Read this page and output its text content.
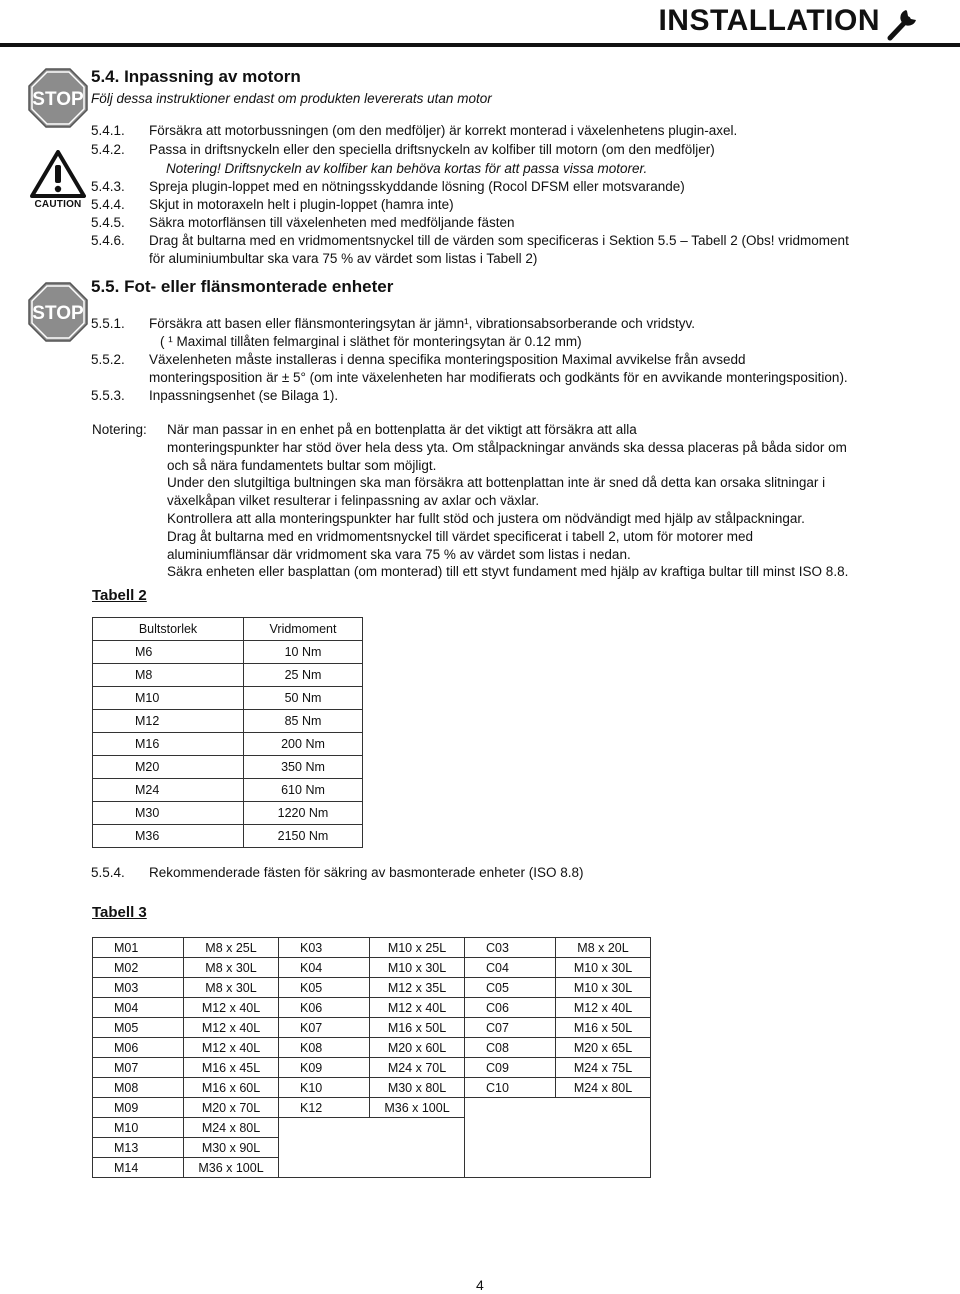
INSTALLATION
STOP
CAUTION
STOP
5.4. Inpassning av motorn
Följ dessa instruktioner endast om produkten levererats utan motor
5.4.1. Försäkra att motorbussningen (om den medföljer) är korrekt monterad i växelenhetens plugin-axel.
5.4.2. Passa in driftsnyckeln eller den speciella driftsnyckeln av kolfiber till motorn (om den medföljer)
Notering! Driftsnyckeln av kolfiber kan behöva kortas för att passa vissa motorer.
5.4.3. Spreja plugin-loppet med en nötningsskyddande lösning (Rocol DFSM eller motsvarande)
5.4.4. Skjut in motoraxeln helt i plugin-loppet (hamra inte)
5.4.5. Säkra motorflänsen till växelenheten med medföljande fästen
5.4.6. Drag åt bultarna med en vridmomentsnyckel till de värden som specificeras i Sektion 5.5 – Tabell 2 (Obs! vridmoment
för aluminiumbultar ska vara 75 % av värdet som listas i Tabell 2)
5.5. Fot- eller flänsmonterade enheter
5.5.1. Försäkra att basen eller flänsmonteringsytan är jämn¹, vibrationsabsorberande och vridstyv.
( ¹ Maximal tillåten felmarginal i släthet för monteringsytan är 0.12 mm)
5.5.2. Växelenheten måste installeras i denna specifika monteringsposition Maximal avvikelse från avsedd
monteringsposition är ± 5° (om inte växelenheten har modifierats och godkänts för en avvikande monteringsposition).
5.5.3. Inpassningsenhet (se Bilaga 1).
Notering: När man passar in en enhet på en bottenplatta är det viktigt att försäkra att alla
monteringspunkter har stöd över hela dess yta. Om stålpackningar används ska dessa placeras på båda sidor om
och så nära fundamentets bultar som möjligt.
Under den slutgiltiga bultningen ska man försäkra att bottenplattan inte är sned då detta kan orsaka slitningar i
växelkåpan vilket resulterar i felinpassning av axlar och växlar.
Kontrollera att alla monteringspunkter har fullt stöd och justera om nödvändigt med hjälp av stålpackningar.
Drag åt bultarna med en vridmomentsnyckel till värdet specificerat i tabell 2, utom för motorer med
aluminiumflänsar där vridmoment ska vara 75 % av värdet som listas i nedan.
Säkra enheten eller basplattan (om monterad) till ett styvt fundament med hjälp av kraftiga bultar till minst ISO 8.8.
Tabell 2
Bultstorlek	Vridmoment
M6	10 Nm
M8	25 Nm
M10	50 Nm
M12	85 Nm
M16	200 Nm
M20	350 Nm
M24	610 Nm
M30	1220 Nm
M36	2150 Nm
5.5.4. Rekommenderade fästen för säkring av basmonterade enheter (ISO 8.8)
Tabell 3
M01	M8 x 25L	K03	M10 x 25L	C03	M8 x 20L
M02	M8 x 30L	K04	M10 x 30L	C04	M10 x 30L
M03	M8 x 30L	K05	M12 x 35L	C05	M10 x 30L
M04	M12 x 40L	K06	M12 x 40L	C06	M12 x 40L
M05	M12 x 40L	K07	M16 x 50L	C07	M16 x 50L
M06	M12 x 40L	K08	M20 x 60L	C08	M20 x 65L
M07	M16 x 45L	K09	M24 x 70L	C09	M24 x 75L
M08	M16 x 60L	K10	M30 x 80L	C10	M24 x 80L
M09	M20 x 70L	K12	M36 x 100L		
M10	M24 x 80L				
M13	M30 x 90L				
M14	M36 x 100L				
4
